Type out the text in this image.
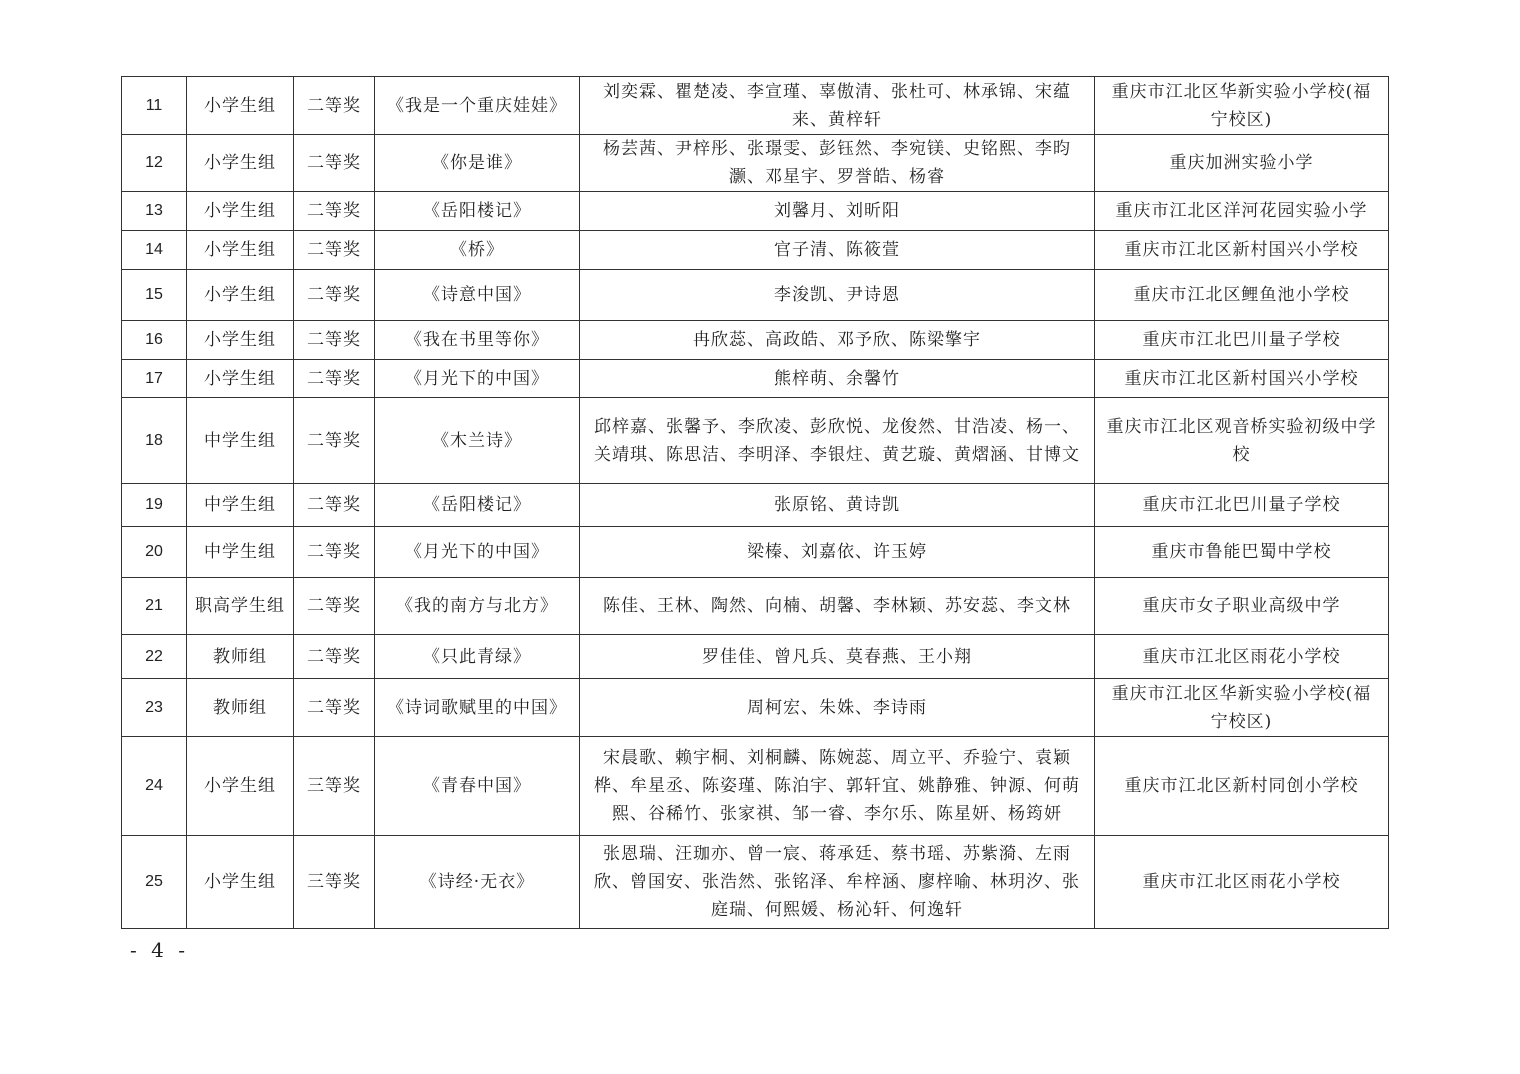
11	小学生组	二等奖	《我是一个重庆娃娃》	刘奕霖、瞿楚凌、李宣瑾、辜傲清、张杜可、林承锦、宋蕴来、黄梓轩	重庆市江北区华新实验小学校(福宁校区)
12	小学生组	二等奖	《你是谁》	杨芸茜、尹梓彤、张璟雯、彭钰然、李宛镁、史铭熙、李昀灏、邓星宇、罗誉皓、杨睿	重庆加洲实验小学
13	小学生组	二等奖	《岳阳楼记》	刘馨月、刘昕阳	重庆市江北区洋河花园实验小学
14	小学生组	二等奖	《桥》	官子清、陈筱萱	重庆市江北区新村国兴小学校
15	小学生组	二等奖	《诗意中国》	李浚凯、尹诗恩	重庆市江北区鲤鱼池小学校
16	小学生组	二等奖	《我在书里等你》	冉欣蕊、高政皓、邓予欣、陈梁擎宇	重庆市江北巴川量子学校
17	小学生组	二等奖	《月光下的中国》	熊梓萌、余馨竹	重庆市江北区新村国兴小学校
18	中学生组	二等奖	《木兰诗》	邱梓嘉、张馨予、李欣凌、彭欣悦、龙俊然、甘浩凌、杨一、关靖琪、陈思洁、李明泽、李银炷、黄艺璇、黄熠涵、甘博文	重庆市江北区观音桥实验初级中学校
19	中学生组	二等奖	《岳阳楼记》	张原铭、黄诗凯	重庆市江北巴川量子学校
20	中学生组	二等奖	《月光下的中国》	梁榛、刘嘉依、许玉婷	重庆市鲁能巴蜀中学校
21	职高学生组	二等奖	《我的南方与北方》	陈佳、王林、陶然、向楠、胡馨、李林颖、苏安蕊、李文林	重庆市女子职业高级中学
22	教师组	二等奖	《只此青绿》	罗佳佳、曾凡兵、莫春燕、王小翔	重庆市江北区雨花小学校
23	教师组	二等奖	《诗词歌赋里的中国》	周柯宏、朱姝、李诗雨	重庆市江北区华新实验小学校(福宁校区)
24	小学生组	三等奖	《青春中国》	宋晨歌、赖宇桐、刘桐麟、陈婉蕊、周立平、乔验宁、袁颖桦、牟星丞、陈姿瑾、陈泊宇、郭轩宜、姚静雅、钟源、何萌熙、谷稀竹、张家祺、邹一睿、李尔乐、陈星妍、杨筠妍	重庆市江北区新村同创小学校
25	小学生组	三等奖	《诗经·无衣》	张恩瑞、汪珈亦、曾一宸、蒋承廷、蔡书瑶、苏紫漪、左雨欣、曾国安、张浩然、张铭泽、牟梓涵、廖梓喻、林玥汐、张庭瑞、何熙媛、杨沁轩、何逸轩	重庆市江北区雨花小学校
- 4 -
